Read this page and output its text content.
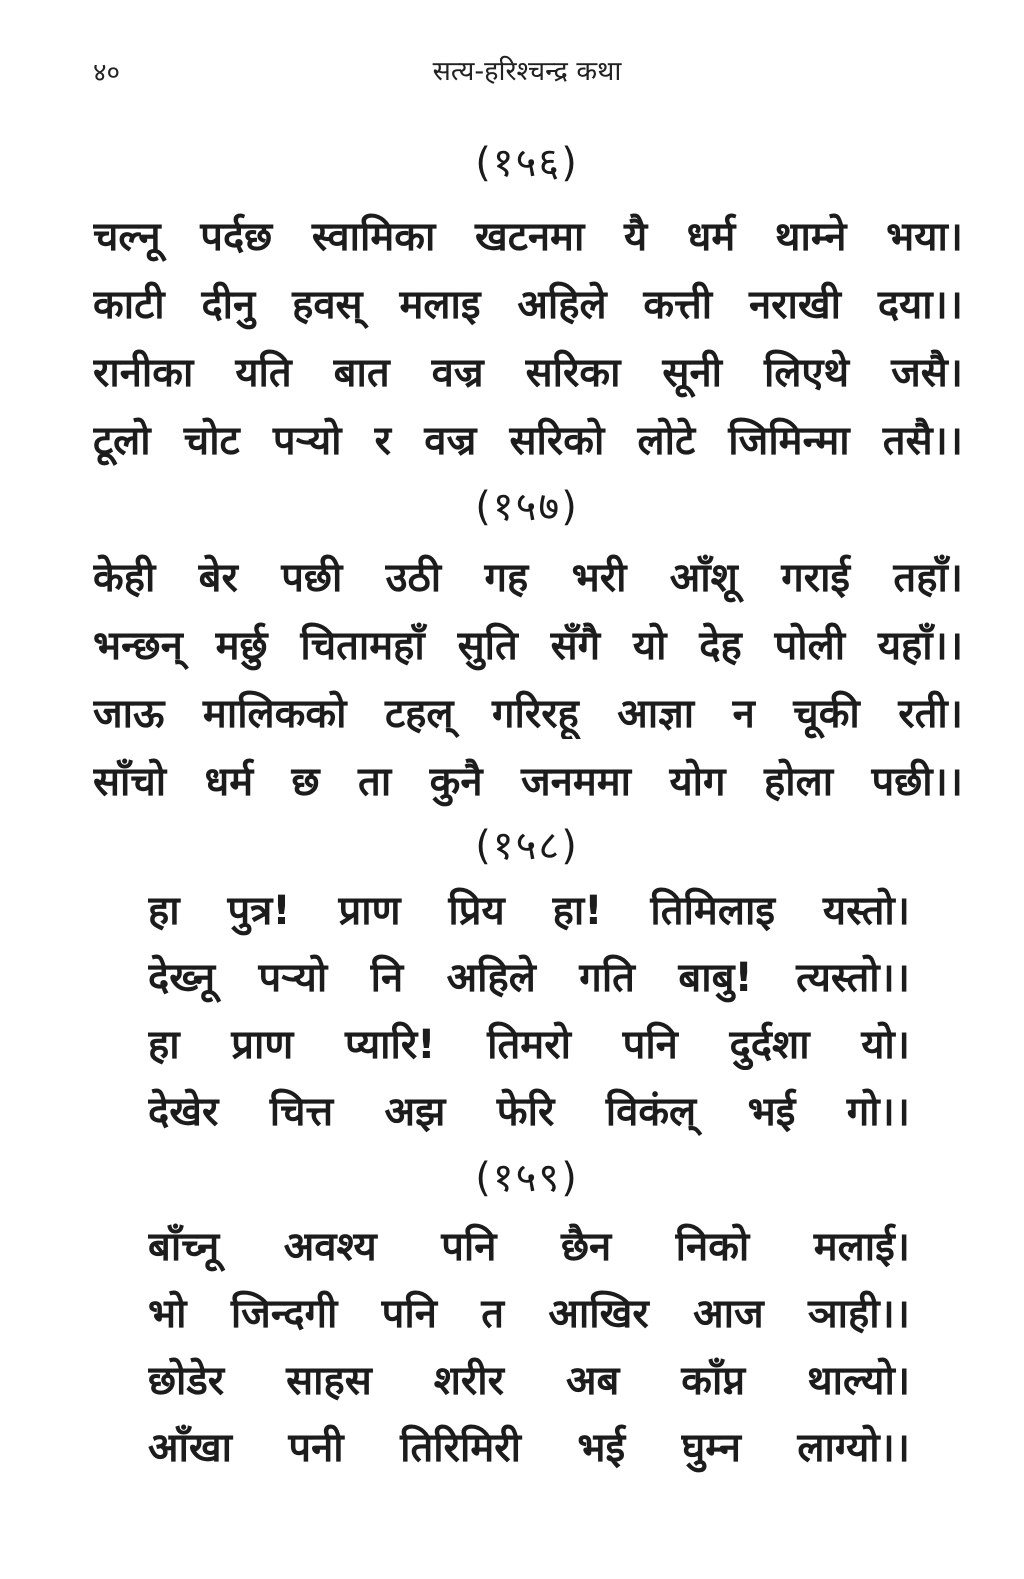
४०	सत्य-हरिश्चन्द्र कथा
(१५६)
चल्नू पर्दछ स्वामिका खटनमा यै धर्म थाम्ने भया।
काटी दीनु हवस् मलाइ अहिले कत्ती नराखी दया।।
रानीका यति बात वज्र सरिका सूनी लिएथे जसै।
टूलो चोट पऱ्यो र वज्र सरिको लोटे जिमिन्मा तसै।।
(१५७)
केही बेर पछी उठी गह भरी आँशू गराई तहाँ।
भन्छन् मर्छु चितामहाँ सुति सँगै यो देह पोली यहाँ।।
जाऊ मालिकको टहल् गरिरहू आज्ञा न चूकी रती।
साँचो धर्म छ ता कुनै जनममा योग होला पछी।।
(१५८)
हा पुत्र! प्राण प्रिय हा! तिमिलाइ यस्तो।
देख्नू पऱ्यो नि अहिले गति बाबु! त्यस्तो।।
हा प्राण प्यारि! तिमरो पनि दुर्दशा यो।
देखेर चित्त अझ फेरि विकंल् भई गो।।
(१५९)
बाँच्नू अवश्य पनि छैन निको मलाई।
भो जिन्दगी पनि त आखिर आज ञाही।।
छोडेर साहस शरीर अब काँप्न थाल्यो।
आँखा पनी तिरिमिरी भई घुम्न लाग्यो।।
